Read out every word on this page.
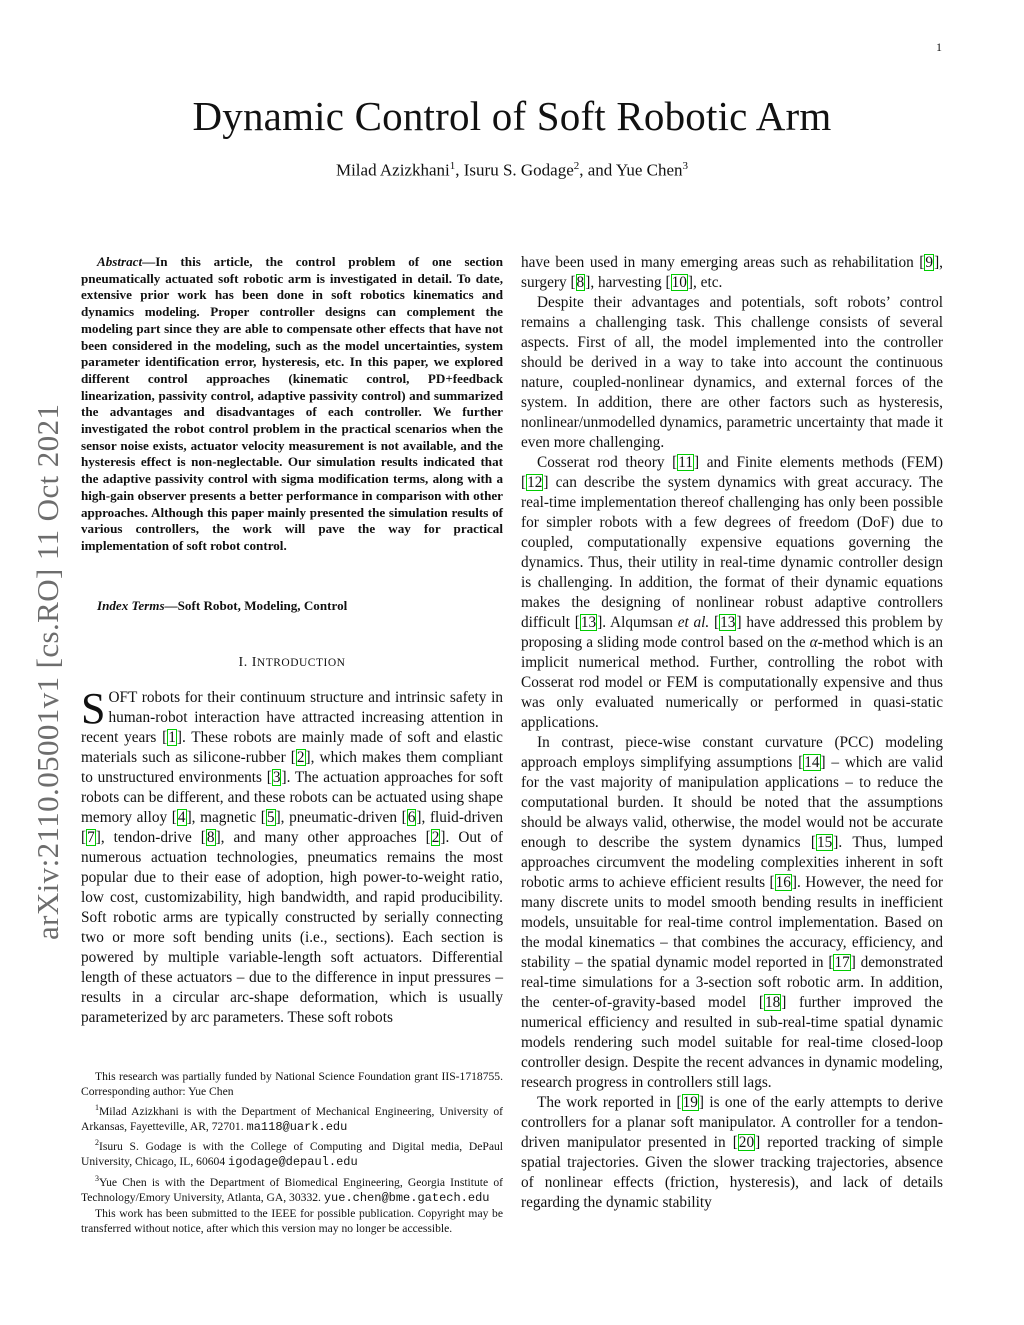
1
Dynamic Control of Soft Robotic Arm
Milad Azizkhani$^1$, Isuru S. Godage$^2$, and Yue Chen$^3$
arXiv:2110.05001v1 [cs.RO] 11 Oct 2021
Abstract—In this article, the control problem of one section pneumatically actuated soft robotic arm is investigated in detail. To date, extensive prior work has been done in soft robotics kinematics and dynamics modeling. Proper controller designs can complement the modeling part since they are able to compensate other effects that have not been considered in the modeling, such as the model uncertainties, system parameter identification error, hysteresis, etc. In this paper, we explored different control approaches (kinematic control, PD+feedback linearization, passivity control, adaptive passivity control) and summarized the advantages and disadvantages of each controller. We further investigated the robot control problem in the practical scenarios when the sensor noise exists, actuator velocity measurement is not available, and the hysteresis effect is non-neglectable. Our simulation results indicated that the adaptive passivity control with sigma modification terms, along with a high-gain observer presents a better performance in comparison with other approaches. Although this paper mainly presented the simulation results of various controllers, the work will pave the way for practical implementation of soft robot control.
Index Terms—Soft Robot, Modeling, Control
I. INTRODUCTION
SOFT robots for their continuum structure and intrinsic safety in human-robot interaction have attracted increasing attention in recent years [1]. These robots are mainly made of soft and elastic materials such as silicone-rubber [2], which makes them compliant to unstructured environments [3]. The actuation approaches for soft robots can be different, and these robots can be actuated using shape memory alloy [4], magnetic [5], pneumatic-driven [6], fluid-driven [7], tendon-drive [8], and many other approaches [2]. Out of numerous actuation technologies, pneumatics remains the most popular due to their ease of adoption, high power-to-weight ratio, low cost, customizability, high bandwidth, and rapid producibility. Soft robotic arms are typically constructed by serially connecting two or more soft bending units (i.e., sections). Each section is powered by multiple variable-length soft actuators. Differential length of these actuators – due to the difference in input pressures – results in a circular arc-shape deformation, which is usually parameterized by arc parameters. These soft robots

This research was partially funded by National Science Foundation grant IIS-1718755. Corresponding author: Yue Chen

$^1$Milad Azizkhani is with the Department of Mechanical Engineering, University of Arkansas, Fayetteville, AR, 72701. ma118@uark.edu

$^2$Isuru S. Godage is with the College of Computing and Digital media, DePaul University, Chicago, IL, 60604 igodage@depaul.edu

$^3$Yue Chen is with the Department of Biomedical Engineering, Georgia Institute of Technology/Emory University, Atlanta, GA, 30332. yue.chen@bme.gatech.edu

This work has been submitted to the IEEE for possible publication. Copyright may be transferred without notice, after which this version may no longer be accessible.

have been used in many emerging areas such as rehabilitation [9], surgery [8], harvesting [10], etc.

Despite their advantages and potentials, soft robots’ control remains a challenging task. This challenge consists of several aspects. First of all, the model implemented into the controller should be derived in a way to take into account the continuous nature, coupled-nonlinear dynamics, and external forces of the system. In addition, there are other factors such as hysteresis, nonlinear/unmodelled dynamics, parametric uncertainty that made it even more challenging.

Cosserat rod theory [11] and Finite elements methods (FEM) [12] can describe the system dynamics with great accuracy. The real-time implementation thereof challenging has only been possible for simpler robots with a few degrees of freedom (DoF) due to coupled, computationally expensive equations governing the dynamics. Thus, their utility in real-time dynamic controller design is challenging. In addition, the format of their dynamic equations makes the designing of nonlinear robust adaptive controllers difficult [13]. Alqumsan et al. [13] have addressed this problem by proposing a sliding mode control based on the α-method which is an implicit numerical method. Further, controlling the robot with Cosserat rod model or FEM is computationally expensive and thus was only evaluated numerically or performed in quasi-static applications.

In contrast, piece-wise constant curvature (PCC) modeling approach employs simplifying assumptions [14] – which are valid for the vast majority of manipulation applications – to reduce the computational burden. It should be noted that the assumptions should be always valid, otherwise, the model would not be accurate enough to describe the system dynamics [15]. Thus, lumped approaches circumvent the modeling complexities inherent in soft robotic arms to achieve efficient results [16]. However, the need for many discrete units to model smooth bending results in inefficient models, unsuitable for real-time control implementation. Based on the modal kinematics – that combines the accuracy, efficiency, and stability – the spatial dynamic model reported in [17] demonstrated real-time simulations for a 3-section soft robotic arm. In addition, the center-of-gravity-based model [18] further improved the numerical efficiency and resulted in sub-real-time spatial dynamic models rendering such model suitable for real-time closed-loop controller design. Despite the recent advances in dynamic modeling, research progress in controllers still lags.

The work reported in [19] is one of the early attempts to derive controllers for a planar soft manipulator. A controller for a tendon-driven manipulator presented in [20] reported tracking of simple spatial trajectories. Given the slower tracking trajectories, absence of nonlinear effects (friction, hysteresis), and lack of details regarding the dynamic stability
